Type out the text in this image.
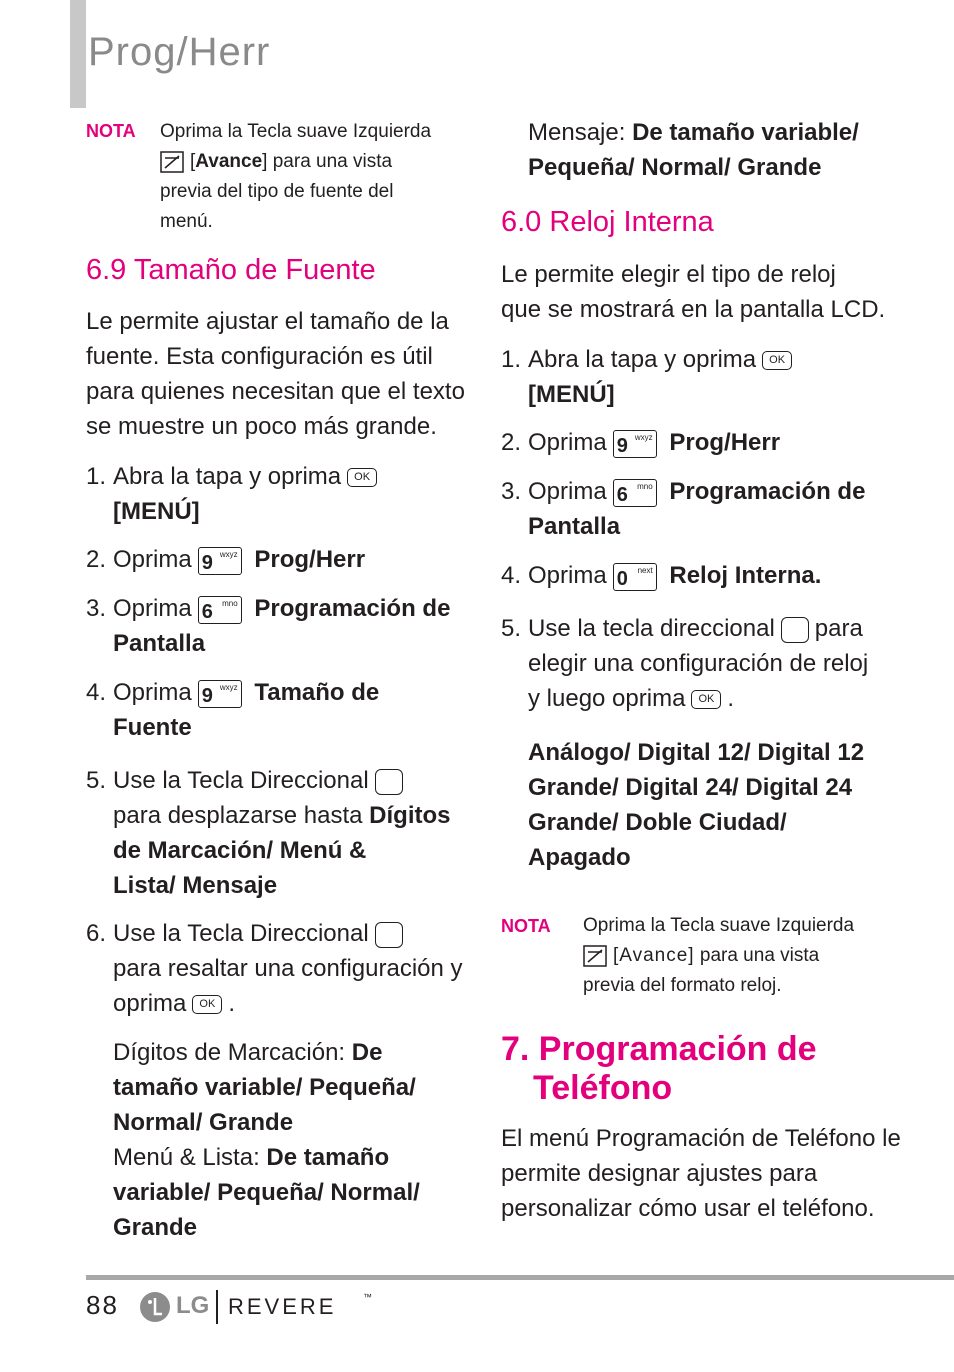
Prog/Herr
NOTA Oprima la Tecla suave Izquierda
[Avance] para una vista
previa del tipo de fuente del
menú.
6.9 Tamaño de Fuente
Le permite ajustar el tamaño de la
fuente. Esta configuración es útil
para quienes necesitan que el texto
se muestre un poco más grande.
1. Abra la tapa y oprima OK
[MENÚ]
2. Oprima 9 wxyz Prog/Herr
3. Oprima 6 mno Programación de
Pantalla
4. Oprima 9 wxyz Tamaño de
Fuente
5. Use la Tecla Direccional
para desplazarse hasta Dígitos
de Marcación/ Menú &
Lista/ Mensaje
6. Use la Tecla Direccional
para resaltar una configuración y
oprima OK .
Dígitos de Marcación: De
tamaño variable/ Pequeña/
Normal/ Grande
Menú & Lista: De tamaño
variable/ Pequeña/ Normal/
Grande
Mensaje: De tamaño variable/
Pequeña/ Normal/ Grande
6.0 Reloj Interna
Le permite elegir el tipo de reloj
que se mostrará en la pantalla LCD.
1. Abra la tapa y oprima OK
[MENÚ]
2. Oprima 9 wxyz Prog/Herr
3. Oprima 6 mno Programación de
Pantalla
4. Oprima 0 next Reloj Interna.
5. Use la tecla direccional para
elegir una configuración de reloj
y luego oprima OK .
Análogo/ Digital 12/ Digital 12
Grande/ Digital 24/ Digital 24
Grande/ Doble Ciudad/
Apagado
NOTA Oprima la Tecla suave Izquierda
[Avance] para una vista
previa del formato reloj.
7. Programación de
Teléfono
El menú Programación de Teléfono le
permite designar ajustes para
personalizar cómo usar el teléfono.
88 LG REVERE	™
